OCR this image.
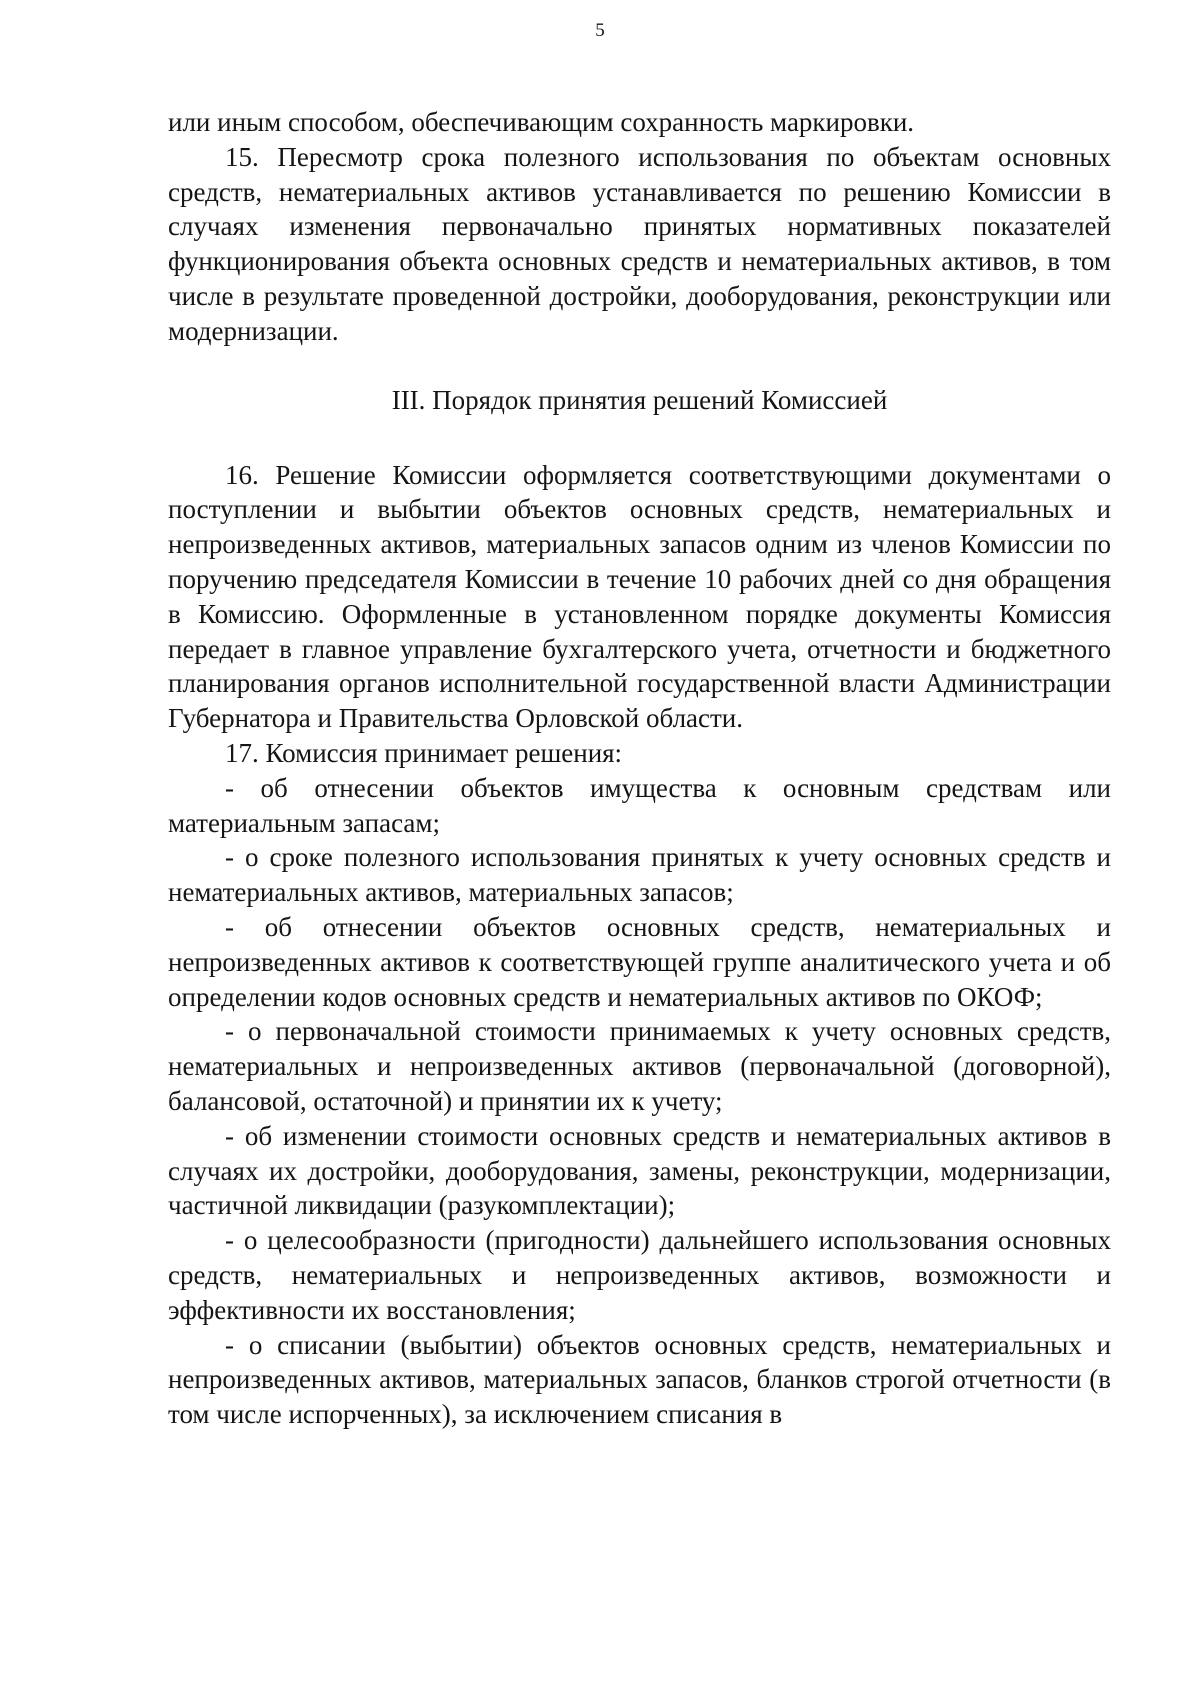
5

или иным способом, обеспечивающим сохранность маркировки.

15. Пересмотр срока полезного использования по объектам основных средств, нематериальных активов устанавливается по решению Комиссии в случаях изменения первоначально принятых нормативных показателей функционирования объекта основных средств и нематериальных активов, в том числе в результате проведенной достройки, дооборудования, реконструкции или модернизации.

III. Порядок принятия решений Комиссией

16. Решение Комиссии оформляется соответствующими документами о поступлении и выбытии объектов основных средств, нематериальных и непроизведенных активов, материальных запасов одним из членов Комиссии по поручению председателя Комиссии в течение 10 рабочих дней со дня обращения в Комиссию. Оформленные в установленном порядке документы Комиссия передает в главное управление бухгалтерского учета, отчетности и бюджетного планирования органов исполнительной государственной власти Администрации Губернатора и Правительства Орловской области.

17. Комиссия принимает решения:

- об отнесении объектов имущества к основным средствам или материальным запасам;

- о сроке полезного использования принятых к учету основных средств и нематериальных активов, материальных запасов;

- об отнесении объектов основных средств, нематериальных и непроизведенных активов к соответствующей группе аналитического учета и об определении кодов основных средств и нематериальных активов по ОКОФ;

- о первоначальной стоимости принимаемых к учету основных средств, нематериальных и непроизведенных активов (первоначальной (договорной), балансовой, остаточной) и принятии их к учету;

- об изменении стоимости основных средств и нематериальных активов в случаях их достройки, дооборудования, замены, реконструкции, модернизации, частичной ликвидации (разукомплектации);

- о целесообразности (пригодности) дальнейшего использования основных средств, нематериальных и непроизведенных активов, возможности и эффективности их восстановления;

- о списании (выбытии) объектов основных средств, нематериальных и непроизведенных активов, материальных запасов, бланков строгой отчетности (в том числе испорченных), за исключением списания в
